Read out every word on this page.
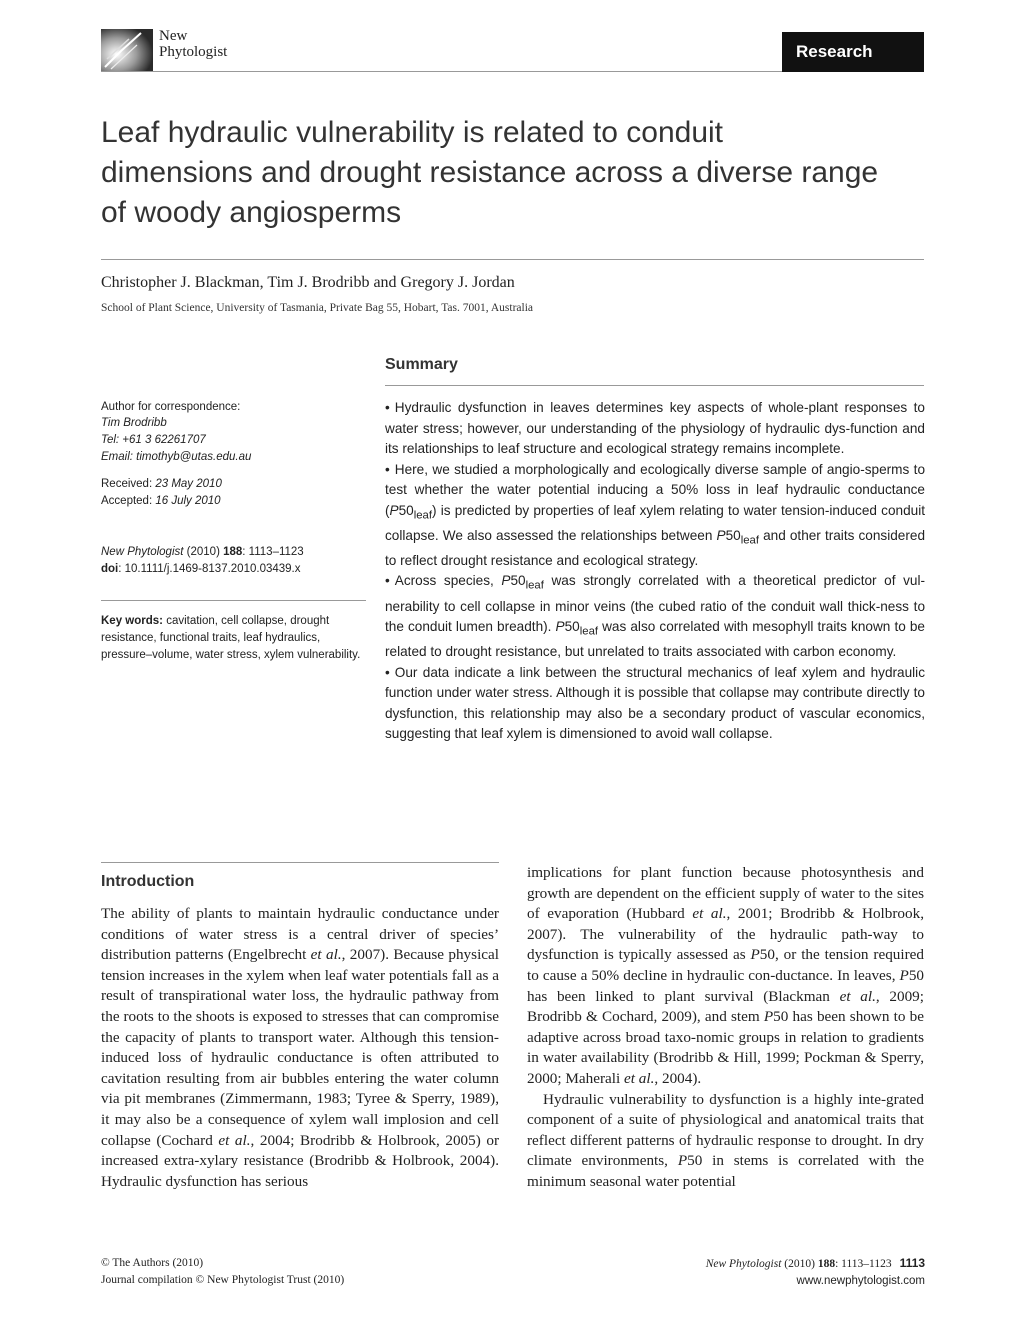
New
Phytologist	Research
Leaf hydraulic vulnerability is related to conduit dimensions and drought resistance across a diverse range of woody angiosperms
Christopher J. Blackman, Tim J. Brodribb and Gregory J. Jordan
School of Plant Science, University of Tasmania, Private Bag 55, Hobart, Tas. 7001, Australia
Author for correspondence:
Tim Brodribb
Tel: +61 3 62261707
Email: timothyb@utas.edu.au
Received: 23 May 2010
Accepted: 16 July 2010
New Phytologist (2010) 188: 1113–1123
doi: 10.1111/j.1469-8137.2010.03439.x
Key words: cavitation, cell collapse, drought resistance, functional traits, leaf hydraulics, pressure–volume, water stress, xylem vulnerability.
Summary
• Hydraulic dysfunction in leaves determines key aspects of whole-plant responses to water stress; however, our understanding of the physiology of hydraulic dys-function and its relationships to leaf structure and ecological strategy remains incomplete.
• Here, we studied a morphologically and ecologically diverse sample of angio-sperms to test whether the water potential inducing a 50% loss in leaf hydraulic conductance $(P50_{leaf})$ is predicted by properties of leaf xylem relating to water tension-induced conduit collapse. We also assessed the relationships between $P50_{leaf}$ and other traits considered to reflect drought resistance and ecological strategy.
• Across species, $P50_{leaf}$ was strongly correlated with a theoretical predictor of vul-nerability to cell collapse in minor veins (the cubed ratio of the conduit wall thick-ness to the conduit lumen breadth). $P50_{leaf}$ was also correlated with mesophyll traits known to be related to drought resistance, but unrelated to traits associated with carbon economy.
• Our data indicate a link between the structural mechanics of leaf xylem and hydraulic function under water stress. Although it is possible that collapse may contribute directly to dysfunction, this relationship may also be a secondary product of vascular economics, suggesting that leaf xylem is dimensioned to avoid wall collapse.
Introduction

The ability of plants to maintain hydraulic conductance under conditions of water stress is a central driver of species’ distribution patterns (Engelbrecht et al., 2007). Because physical tension increases in the xylem when leaf water potentials fall as a result of transpirational water loss, the hydraulic pathway from the roots to the shoots is exposed to stresses that can compromise the capacity of plants to transport water. Although this tension-induced loss of hydraulic conductance is often attributed to cavitation resulting from air bubbles entering the water column via pit membranes (Zimmermann, 1983; Tyree & Sperry, 1989), it may also be a consequence of xylem wall implosion and cell collapse (Cochard et al., 2004; Brodribb & Holbrook, 2005) or increased extra-xylary resistance (Brodribb & Holbrook, 2004). Hydraulic dysfunction has serious

implications for plant function because photosynthesis and growth are dependent on the efficient supply of water to the sites of evaporation (Hubbard et al., 2001; Brodribb & Holbrook, 2007). The vulnerability of the hydraulic path-way to dysfunction is typically assessed as P50, or the tension required to cause a 50% decline in hydraulic con-ductance. In leaves, P50 has been linked to plant survival (Blackman et al., 2009; Brodribb & Cochard, 2009), and stem P50 has been shown to be adaptive across broad taxo-nomic groups in relation to gradients in water availability (Brodribb & Hill, 1999; Pockman & Sperry, 2000; Maherali et al., 2004).

Hydraulic vulnerability to dysfunction is a highly inte-grated component of a suite of physiological and anatomical traits that reflect different patterns of hydraulic response to drought. In dry climate environments, P50 in stems is correlated with the minimum seasonal water potential

© The Authors (2010)
Journal compilation © New Phytologist Trust (2010)
New Phytologist (2010) 188: 1113–1123 1113
www.newphytologist.com
